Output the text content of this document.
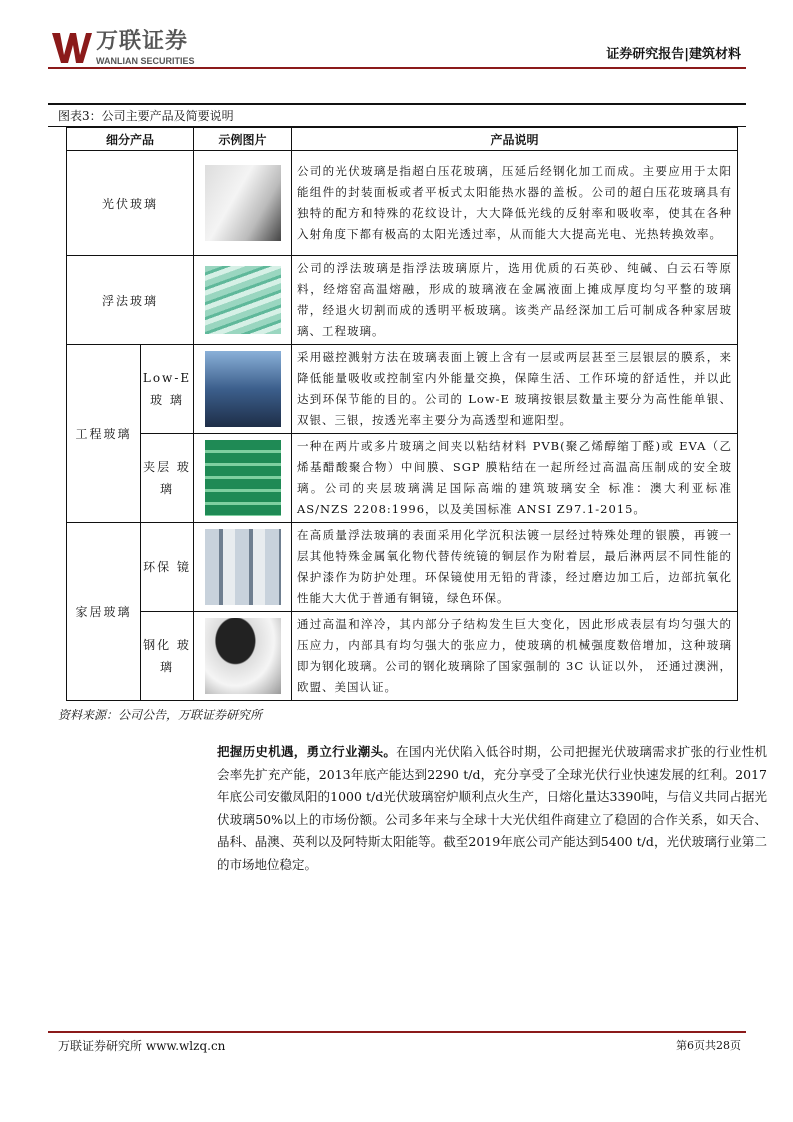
万联证券
WANLIAN SECURITIES	证券研究报告|建筑材料
图表3：公司主要产品及简要说明
细分产品		示例图片	产品说明
光伏玻璃			公司的光伏玻璃是指超白压花玻璃，压延后经钢化加工而成。主要应用于太阳能组件的封装面板或者平板式太阳能热水器的盖板。公司的超白压花玻璃具有独特的配方和特殊的花纹设计，大大降低光线的反射率和吸收率，使其在各种入射角度下都有极高的太阳光透过率，从而能大大提高光电、光热转换效率。
浮法玻璃			公司的浮法玻璃是指浮法玻璃原片，选用优质的石英砂、纯碱、白云石等原料，经熔窑高温熔融，形成的玻璃液在金属液面上摊成厚度均匀平整的玻璃带，经退火切割而成的透明平板玻璃。该类产品经深加工后可制成各种家居玻璃、工程玻璃。
工程玻璃	Low-E 玻 璃		采用磁控溅射方法在玻璃表面上镀上含有一层或两层甚至三层银层的膜系，来降低能量吸收或控制室内外能量交换，保障生活、工作环境的舒适性，并以此达到环保节能的目的。公司的 Low-E 玻璃按银层数量主要分为高性能单银、双银、三银，按透光率主要分为高透型和遮阳型。
	夹层 玻璃		一种在两片或多片玻璃之间夹以粘结材料 PVB(聚乙烯醇缩丁醛)或 EVA（乙烯基醋酸聚合物）中间膜、SGP 膜粘结在一起所经过高温高压制成的安全玻璃。公司的夹层玻璃满足国际高端的建筑玻璃安全 标准：澳大利亚标准 AS/NZS 2208:1996，以及美国标准 ANSI Z97.1-2015。
家居玻璃	环保 镜		在高质量浮法玻璃的表面采用化学沉积法镀一层经过特殊处理的银膜，再镀一层其他特殊金属氧化物代替传统镜的铜层作为附着层，最后淋两层不同性能的保护漆作为防护处理。环保镜使用无铅的背漆，经过磨边加工后，边部抗氧化性能大大优于普通有铜镜，绿色环保。
	钢化 玻璃		通过高温和淬冷，其内部分子结构发生巨大变化，因此形成表层有均匀强大的压应力，内部具有均匀强大的张应力，使玻璃的机械强度数倍增加，这种玻璃即为钢化玻璃。公司的钢化玻璃除了国家强制的 3C 认证以外， 还通过澳洲，欧盟、美国认证。
资料来源：公司公告，万联证券研究所
把握历史机遇，勇立行业潮头。在国内光伏陷入低谷时期，公司把握光伏玻璃需求扩张的行业性机会率先扩充产能，2013年底产能达到2290 t/d，充分享受了全球光伏行业快速发展的红利。2017年底公司安徽凤阳的1000 t/d光伏玻璃窑炉顺利点火生产，日熔化量达3390吨，与信义共同占据光伏玻璃50%以上的市场份额。公司多年来与全球十大光伏组件商建立了稳固的合作关系，如天合、晶科、晶澳、英利以及阿特斯太阳能等。截至2019年底公司产能达到5400 t/d，光伏玻璃行业第二的市场地位稳定。
万联证券研究所 www.wlzq.cn	第6页共28页
